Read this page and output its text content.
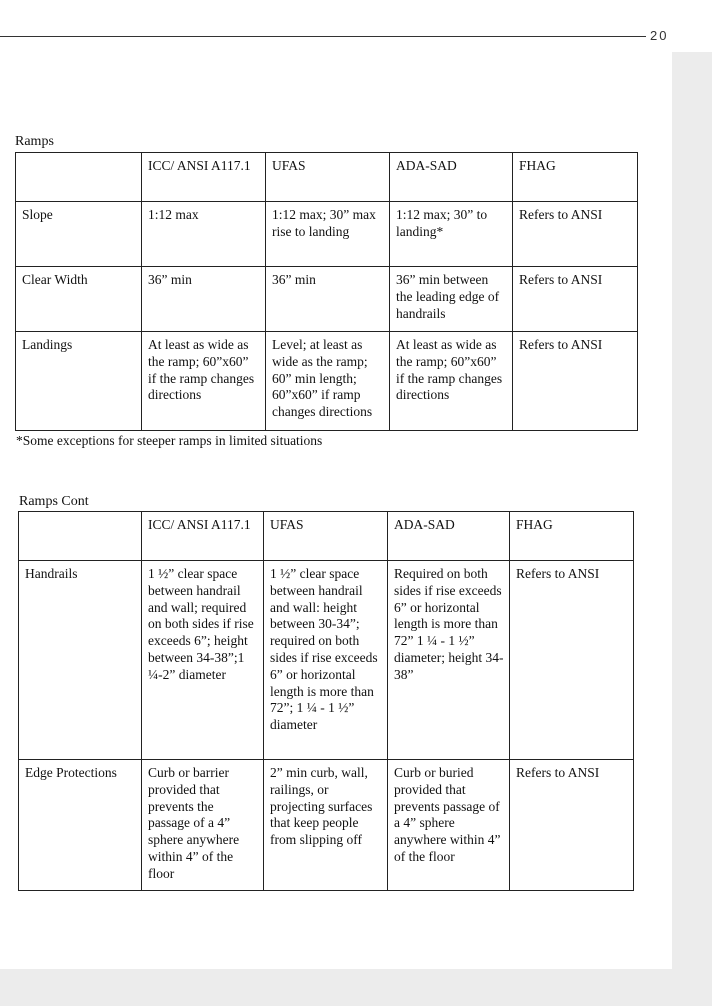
20
Ramps
	ICC/ ANSI A117.1	UFAS	ADA-SAD	FHAG
Slope	1:12 max	1:12 max; 30” max rise to landing	1:12 max; 30” to landing*	Refers to ANSI
Clear Width	36” min	36” min	36” min between the leading edge of handrails	Refers to ANSI
Landings	At least as wide as the ramp; 60”x60” if the ramp changes directions	Level; at least as wide as the ramp; 60” min length; 60”x60” if ramp changes directions	At least as wide as the ramp; 60”x60” if the ramp changes directions	Refers to ANSI
*Some exceptions for steeper ramps in limited situations
Ramps Cont
	ICC/ ANSI A117.1	UFAS	ADA-SAD	FHAG
Handrails	1 ½” clear space between handrail and wall; required on both sides if rise exceeds 6”; height between 34-38”;1 ¼-2” diameter	1 ½” clear space between handrail and wall: height between 30-34”; required on both sides if rise exceeds 6” or horizontal length is more than 72”; 1 ¼ - 1 ½” diameter	Required on both sides if rise exceeds 6” or horizontal length is more than 72” 1 ¼ - 1 ½” diameter; height 34-38”	Refers to ANSI
Edge Protections	Curb or barrier provided that prevents the passage of a 4” sphere anywhere within 4” of the floor	2” min curb, wall, railings, or projecting surfaces that keep people from slipping off	Curb or buried provided that prevents passage of a 4” sphere anywhere within 4” of the floor	Refers to ANSI
